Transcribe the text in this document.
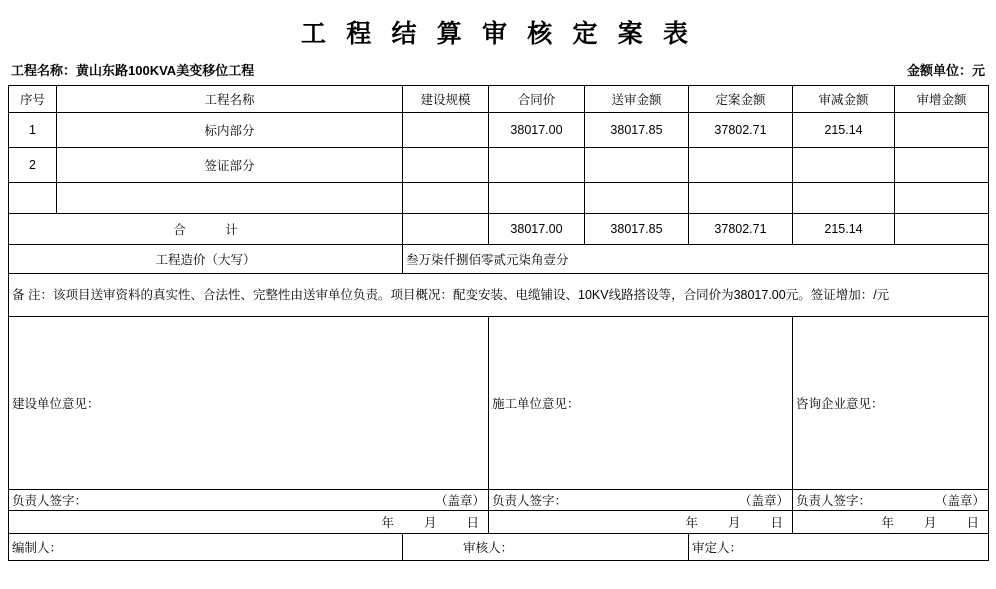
工 程 结 算 审 核 定 案 表
工程名称：黄山东路100KVA美变移位工程	金额单位：元
序号	工程名称	建设规模	合同价	送审金额	定案金额	审减金额	审增金额
1	标内部分		38017.00	38017.85	37802.71	215.14	
2	签证部分						

合 计			38017.00	38017.85	37802.71	215.14	
工程造价（大写）		叁万柒仟捌佰零贰元柒角壹分					
备 注：该项目送审资料的真实性、合法性、完整性由送审单位负责。项目概况：配变安装、电缆铺设、10KV线路搭设等，合同价为38017.00元。签证增加：/元							
建设单位意见：			施工单位意见：			咨询企业意见：	

负责人签字： （盖章）			负责人签字： （盖章）			负责人签字： （盖章）	

年 月 日			年 月 日			年 月 日	

编制人：		审核人：			审定人：		
